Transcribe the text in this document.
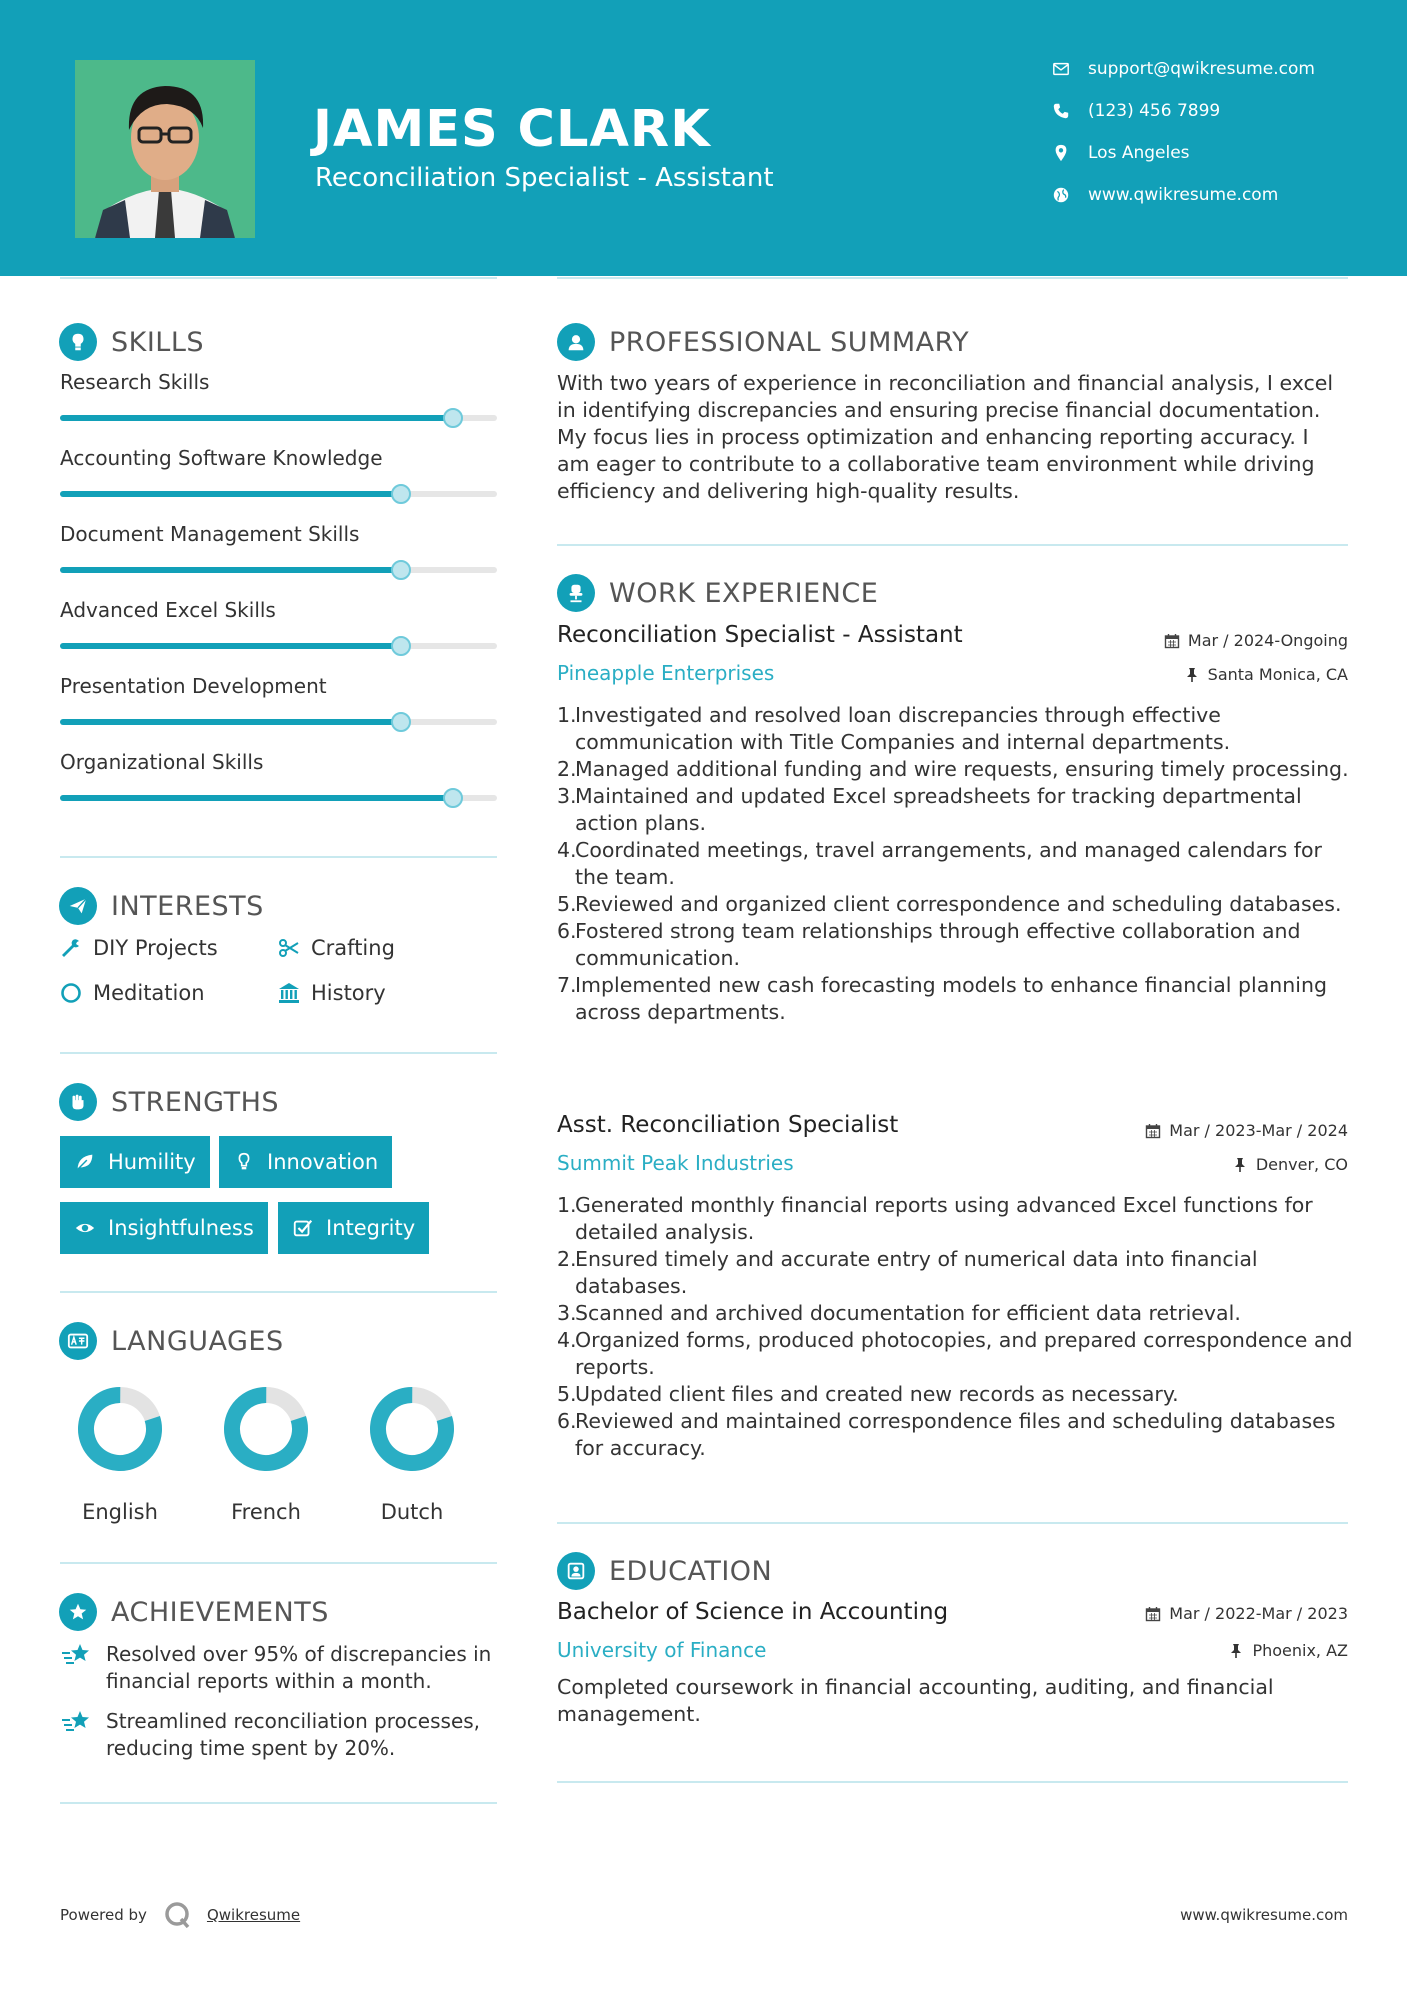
JAMES CLARK
Reconciliation Specialist - Assistant
support@qwikresume.com
(123) 456 7899
Los Angeles
www.qwikresume.com
SKILLS
Research Skills
Accounting Software Knowledge
Document Management Skills
Advanced Excel Skills
Presentation Development
Organizational Skills
INTERESTS
DIY Projects	Crafting
Meditation	History
STRENGTHS
Humility	Innovation
Insightfulness	Integrity
LANGUAGES
English	French	Dutch
ACHIEVEMENTS
Resolved over 95% of discrepancies in financial reports within a month.
Streamlined reconciliation processes, reducing time spent by 20%.
PROFESSIONAL SUMMARY
With two years of experience in reconciliation and financial analysis, I excel in identifying discrepancies and ensuring precise financial documentation. My focus lies in process optimization and enhancing reporting accuracy. I am eager to contribute to a collaborative team environment while driving efficiency and delivering high-quality results.
WORK EXPERIENCE
Reconciliation Specialist - Assistant	Mar / 2024-Ongoing
Pineapple Enterprises	Santa Monica, CA
1.
Investigated and resolved loan discrepancies through effective communication with Title Companies and internal departments.
2.
Managed additional funding and wire requests, ensuring timely processing.
3.
Maintained and updated Excel spreadsheets for tracking departmental action plans.
4.
Coordinated meetings, travel arrangements, and managed calendars for the team.
5.
Reviewed and organized client correspondence and scheduling databases.
6.
Fostered strong team relationships through effective collaboration and communication.
7.
Implemented new cash forecasting models to enhance financial planning across departments.
Asst. Reconciliation Specialist	Mar / 2023-Mar / 2024
Summit Peak Industries	Denver, CO
1.
Generated monthly financial reports using advanced Excel functions for detailed analysis.
2.
Ensured timely and accurate entry of numerical data into financial databases.
3.
Scanned and archived documentation for efficient data retrieval.
4.
Organized forms, produced photocopies, and prepared correspondence and reports.
5.
Updated client files and created new records as necessary.
6.
Reviewed and maintained correspondence files and scheduling databases for accuracy.
EDUCATION
Bachelor of Science in Accounting	Mar / 2022-Mar / 2023
University of Finance	Phoenix, AZ
Completed coursework in financial accounting, auditing, and financial management.
Powered by	Qwikresume	www.qwikresume.com
